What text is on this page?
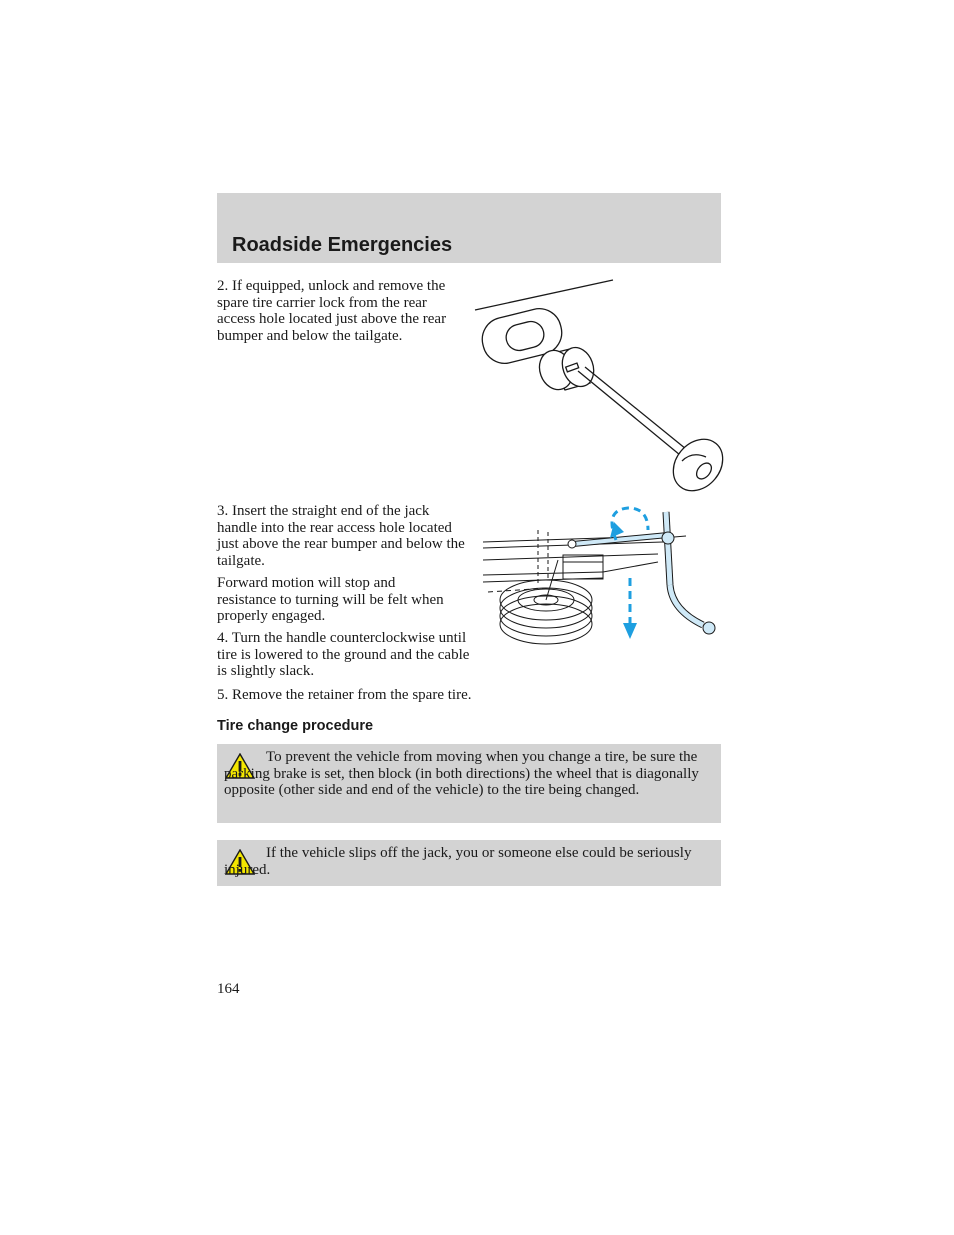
Roadside Emergencies

2. If equipped, unlock and remove the spare tire carrier lock from the rear access hole located just above the rear bumper and below the tailgate.

3. Insert the straight end of the jack handle into the rear access hole located just above the rear bumper and below the tailgate.

Forward motion will stop and resistance to turning will be felt when properly engaged.

4. Turn the handle counterclockwise until tire is lowered to the ground and the cable is slightly slack.

5. Remove the retainer from the spare tire.

Tire change procedure

To prevent the vehicle from moving when you change a tire, be sure the parking brake is set, then block (in both directions) the wheel that is diagonally opposite (other side and end of the vehicle) to the tire being changed.

If the vehicle slips off the jack, you or someone else could be seriously injured.

164
